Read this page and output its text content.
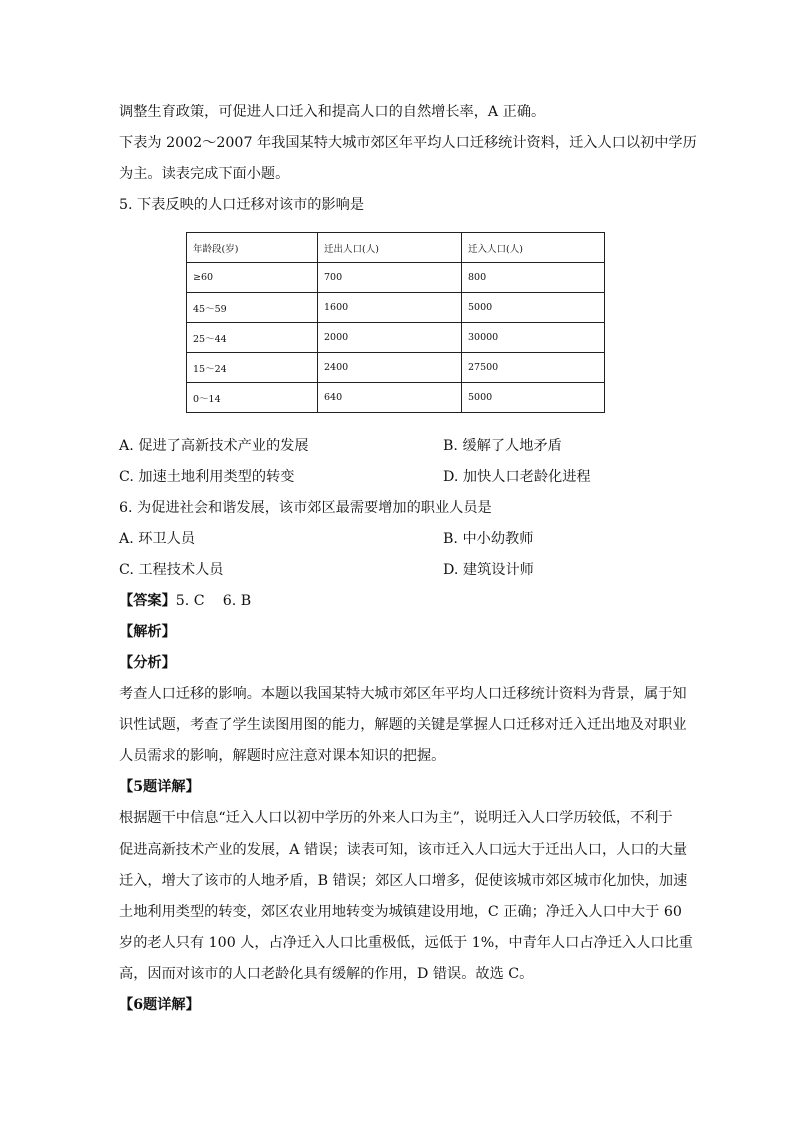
调整生育政策，可促进人口迁入和提高人口的自然增长率，A 正确。
下表为 2002～2007 年我国某特大城市郊区年平均人口迁移统计资料，迁入人口以初中学历
为主。读表完成下面小题。
5. 下表反映的人口迁移对该市的影响是
年龄段(岁)	迁出人口(人)	迁入人口(人)
≥60	700	800
45～59	1600	5000
25～44	2000	30000
15～24	2400	27500
0～14	640	5000
A. 促进了高新技术产业的发展	B. 缓解了人地矛盾
C. 加速土地利用类型的转变	D. 加快人口老龄化进程
6. 为促进社会和谐发展，该市郊区最需要增加的职业人员是
A. 环卫人员	B. 中小幼教师
C. 工程技术人员	D. 建筑设计师
【答案】5. C    6. B
【解析】
【分析】
考查人口迁移的影响。本题以我国某特大城市郊区年平均人口迁移统计资料为背景，属于知
识性试题，考查了学生读图用图的能力，解题的关键是掌握人口迁移对迁入迁出地及对职业
人员需求的影响，解题时应注意对课本知识的把握。
【5题详解】
根据题干中信息“迁入人口以初中学历的外来人口为主”，说明迁入人口学历较低，不利于
促进高新技术产业的发展，A 错误；读表可知，该市迁入人口远大于迁出人口，人口的大量
迁入，增大了该市的人地矛盾，B 错误；郊区人口增多，促使该城市郊区城市化加快，加速
土地利用类型的转变，郊区农业用地转变为城镇建设用地，C 正确；净迁入人口中大于 60
岁的老人只有 100 人，占净迁入人口比重极低，远低于 1%，中青年人口占净迁入人口比重
高，因而对该市的人口老龄化具有缓解的作用，D 错误。故选 C。
【6题详解】
